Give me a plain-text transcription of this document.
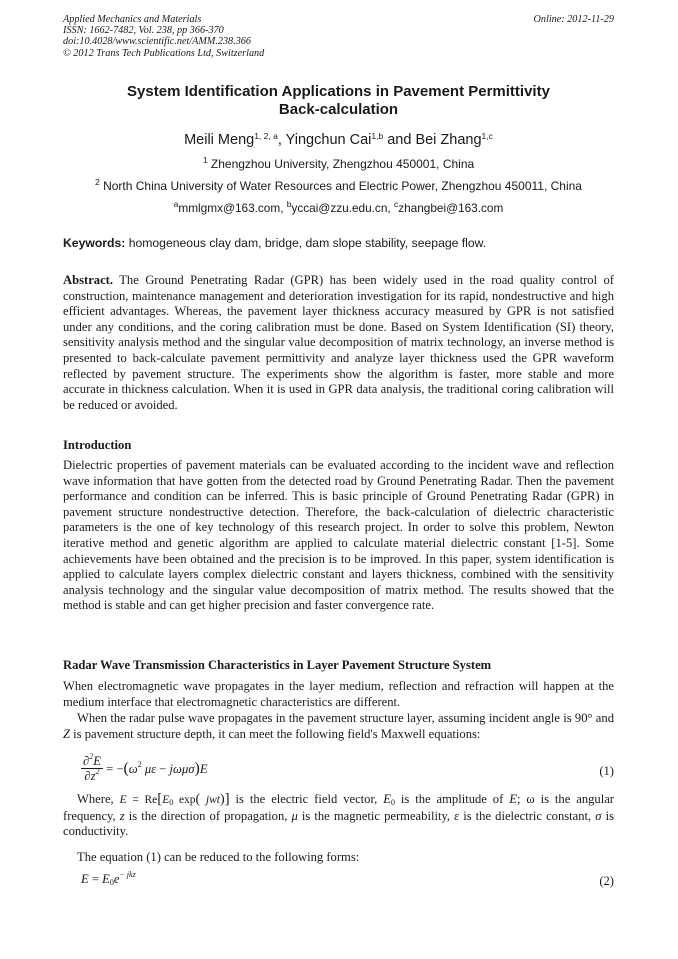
Applied Mechanics and Materials
ISSN: 1662-7482, Vol. 238, pp 366-370
doi:10.4028/www.scientific.net/AMM.238.366
© 2012 Trans Tech Publications Ltd, Switzerland
Online: 2012-11-29
System Identification Applications in Pavement Permittivity
Back-calculation
Meili Meng$^{1, 2, a}$, Yingchun Cai$^{1,b}$ and Bei Zhang$^{1,c}$
$^1$ Zhengzhou University, Zhengzhou 450001, China
$^2$ North China University of Water Resources and Electric Power, Zhengzhou 450011, China
$^a$mmlgmx@163.com, $^b$yccai@zzu.edu.cn, $^c$zhangbei@163.com
Keywords: homogeneous clay dam, bridge, dam slope stability, seepage flow.
Abstract. The Ground Penetrating Radar (GPR) has been widely used in the road quality control of construction, maintenance management and deterioration investigation for its rapid, nondestructive and high efficient advantages. Whereas, the pavement layer thickness accuracy measured by GPR is not satisfied under any conditions, and the coring calibration must be done. Based on System Identification (SI) theory, sensitivity analysis method and the singular value decomposition of matrix technology, an inverse method is presented to back-calculate pavement permittivity and analyze layer thickness used the GPR waveform reflected by pavement structure. The experiments show the algorithm is faster, more stable and more accurate in thickness calculation. When it is used in GPR data analysis, the traditional coring calibration will be reduced or avoided.
Introduction
Dielectric properties of pavement materials can be evaluated according to the incident wave and reflection wave information that have gotten from the detected road by Ground Penetrating Radar. Then the pavement performance and condition can be inferred. This is basic principle of Ground Penetrating Radar (GPR) in pavement structure nondestructive detection. Therefore, the back-calculation of dielectric characteristic parameters is the one of key technology of this research project. In order to solve this problem, Newton iterative method and genetic algorithm are applied to calculate material dielectric constant [1-5]. Some achievements have been obtained and the precision is to be improved. In this paper, system identification is applied to calculate layers complex dielectric constant and layers thickness, combined with the sensitivity analysis technology and the singular value decomposition of matrix method. The results showed that the method is stable and can get higher precision and faster convergence rate.
Radar Wave Transmission Characteristics in Layer Pavement Structure System
When electromagnetic wave propagates in the layer medium, reflection and refraction will happen at the medium interface that electromagnetic characteristics are different.
When the radar pulse wave propagates in the pavement structure layer, assuming incident angle is 90° and Z is pavement structure depth, it can meet the following field's Maxwell equations:
$\frac{\partial^2E}{\partial z^2} = -(\omega^2$ με − jωμσ)E	(1)
Where, $E = Re[E_0$ exp( jwt)] is the electric field vector, $E_0$ is the amplitude of E; ω is the angular frequency, z is the direction of propagation, μ is the magnetic permeability, ε is the dielectric constant, σ is conductivity.
The equation (1) can be reduced to the following forms:
$E = E_0e^{- jkz}$	(2)
